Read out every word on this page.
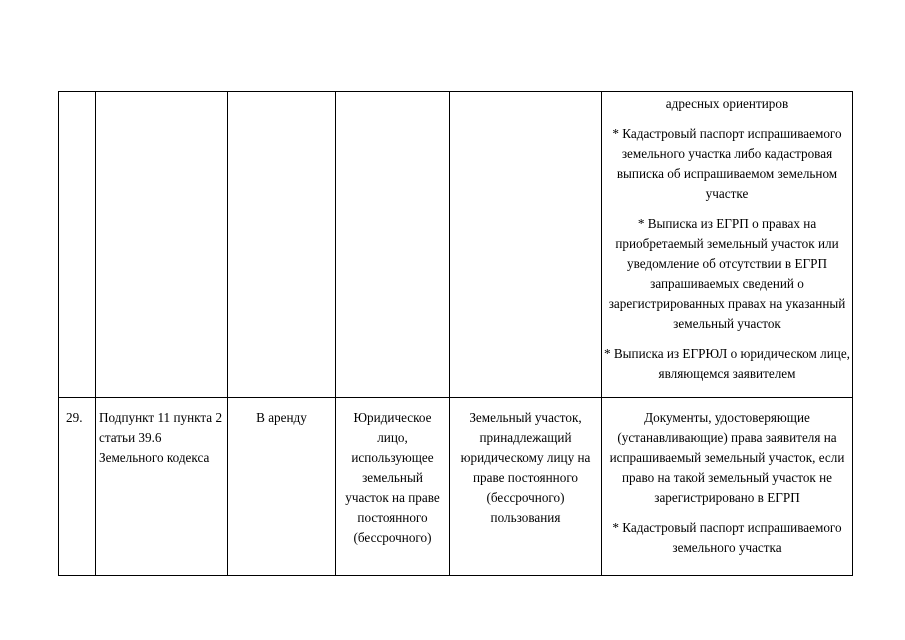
					адресных ориентиров
* Кадастровый паспорт испрашиваемого земельного участка либо кадастровая выписка об испрашиваемом земельном участке
* Выписка из ЕГРП о правах на приобретаемый земельный участок или уведомление об отсутствии в ЕГРП запрашиваемых сведений о зарегистрированных правах на указанный земельный участок
* Выписка из ЕГРЮЛ о юридическом лице, являющемся заявителем

29.	Подпункт 11 пункта 2 статьи 39.6 Земельного кодекса	В аренду	Юридическое лицо, использующее земельный участок на праве постоянного (бессрочного)	Земельный участок, принадлежащий юридическому лицу на праве постоянного (бессрочного) пользования	Документы, удостоверяющие (устанавливающие) права заявителя на испрашиваемый земельный участок, если право на такой земельный участок не зарегистрировано в ЕГРП
* Кадастровый паспорт испрашиваемого земельного участка
